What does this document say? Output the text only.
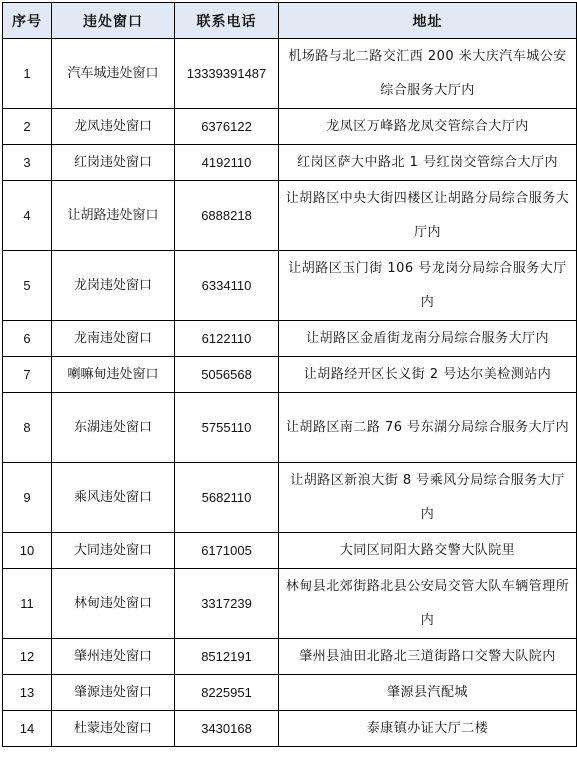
序号	违处窗口	联系电话	地址
1	汽车城违处窗口	13339391487	机场路与北二路交汇西 200 米大庆汽车城公安综合服务大厅内
2	龙凤违处窗口	6376122	龙凤区万峰路龙凤交管综合大厅内
3	红岗违处窗口	4192110	红岗区萨大中路北 1 号红岗交管综合大厅内
4	让胡路违处窗口	6888218	让胡路区中央大街四楼区让胡路分局综合服务大厅内
5	龙岗违处窗口	6334110	让胡路区玉门街 106 号龙岗分局综合服务大厅内
6	龙南违处窗口	6122110	让胡路区金盾街龙南分局综合服务大厅内
7	喇嘛甸违处窗口	5056568	让胡路经开区长义街 2 号达尔美检测站内
8	东湖违处窗口	5755110	让胡路区南二路 76 号东湖分局综合服务大厅内
9	乘风违处窗口	5682110	让胡路区新浪大街 8 号乘风分局综合服务大厅内
10	大同违处窗口	6171005	大同区同阳大路交警大队院里
11	林甸违处窗口	3317239	林甸县北郊街路北县公安局交管大队车辆管理所内
12	肇州违处窗口	8512191	肇州县油田北路北三道街路口交警大队院内
13	肇源违处窗口	8225951	肇源县汽配城
14	杜蒙违处窗口	3430168	泰康镇办证大厅二楼
